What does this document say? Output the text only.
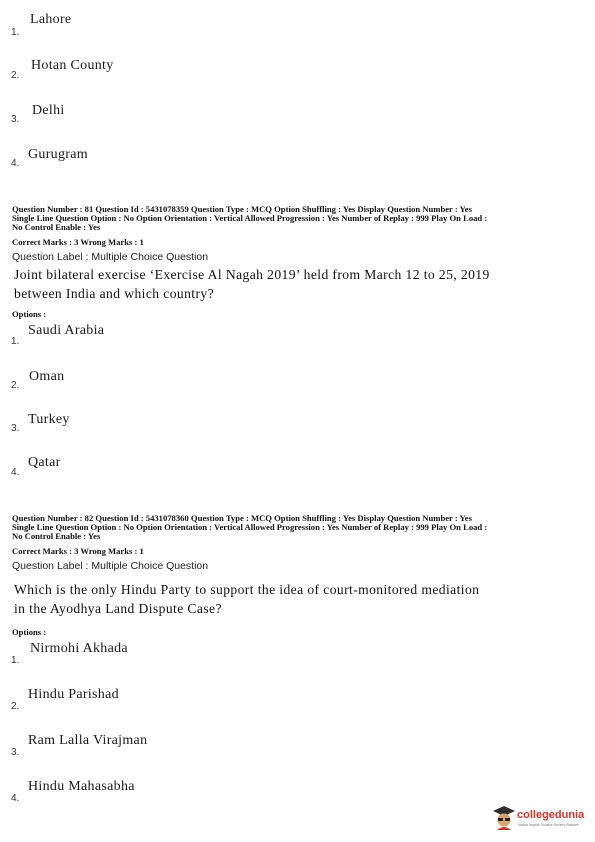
Lahore
1.
Hotan County
2.
Delhi
3.
Gurugram
4.
Question Number : 81 Question Id : 5431078359 Question Type : MCQ Option Shuffling : Yes Display Question Number : Yes
Single Line Question Option : No Option Orientation : Vertical Allowed Progression : Yes Number of Replay : 999 Play On Load :
No Control Enable : Yes
Correct Marks : 3 Wrong Marks : 1
Question Label : Multiple Choice Question
Joint bilateral exercise ‘Exercise Al Nagah 2019’ held from March 12 to 25, 2019
between India and which country?
Options :
Saudi Arabia
1.
Oman
2.
Turkey
3.
Qatar
4.
Question Number : 82 Question Id : 5431078360 Question Type : MCQ Option Shuffling : Yes Display Question Number : Yes
Single Line Question Option : No Option Orientation : Vertical Allowed Progression : Yes Number of Replay : 999 Play On Load :
No Control Enable : Yes
Correct Marks : 3 Wrong Marks : 1
Question Label : Multiple Choice Question
Which is the only Hindu Party to support the idea of court-monitored mediation
in the Ayodhya Land Dispute Case?
Options :
Nirmohi Akhada
1.
Hindu Parishad
2.
Ram Lalla Virajman
3.
Hindu Mahasabha
4.
collegedunia
India's largest Student Review Platform
